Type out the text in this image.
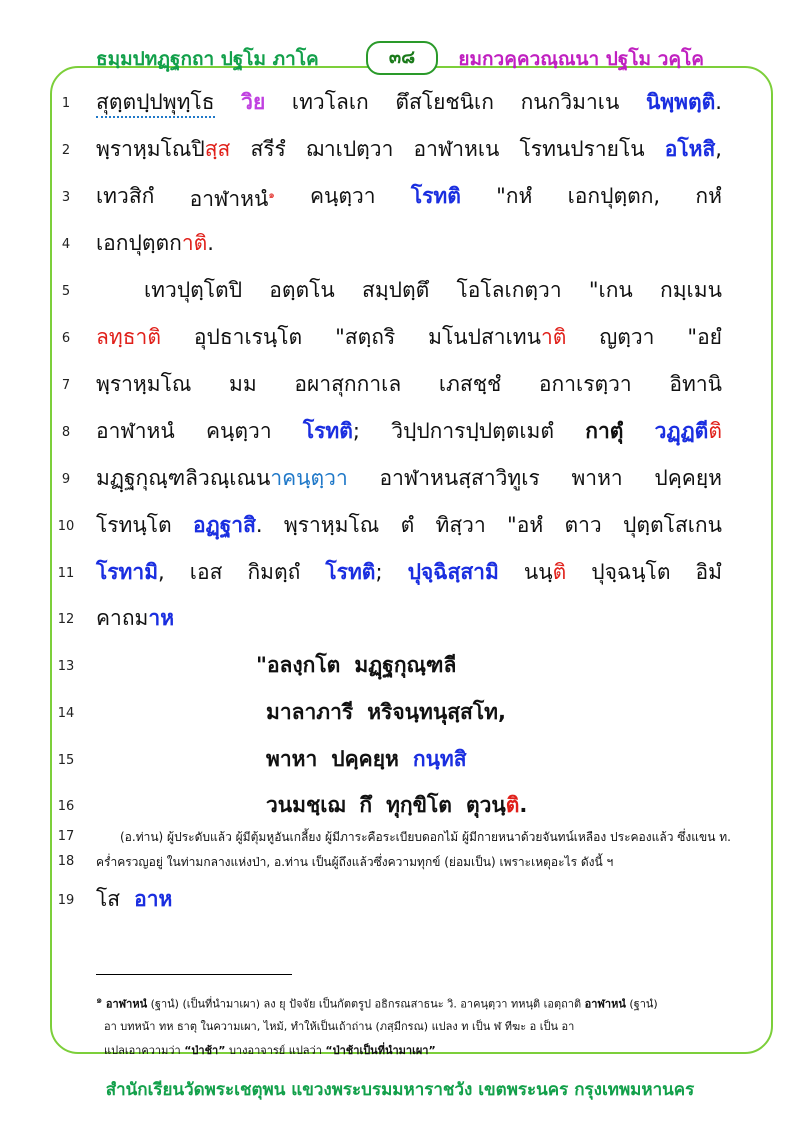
ธมฺมปทฏฺฐกถา ปฐโม ภาโค	๓๘	ยมกวคฺควณฺณนา ปฐโม วคฺโค
1
2
3
4
5
6
7
8
9
10
11
12
13
14
15
16
17
18
19
สุตฺตปฺปพุทฺโธ วิย เทวโลเก ตึสโยชนิเก กนกวิมาเน นิพฺพตฺติ.
พฺราหฺมโณปิสฺส สรีรํ ฌาเปตฺวา อาฬาหเน โรทนปรายโน อโหสิ,
เทวสิกํ อาฬาหนํ$^๑$ คนฺตฺวา โรทติ "กหํ เอกปุตฺตก, กหํ
เอกปุตฺตกาติ.
เทวปุตฺโตปิ อตฺตโน สมฺปตฺตึ โอโลเกตฺวา "เกน กมฺเมน
ลทฺธาติ อุปธาเรนฺโต "สตฺถริ มโนปสาเทนาติ ญตฺวา "อยํ
พฺราหฺมโณ มม อผาสุกกาเล เภสชฺชํ อกาเรตฺวา อิทานิ
อาฬาหนํ คนฺตฺวา โรทติ; วิปฺปการปฺปตฺตเมตํ กาตุํ วฏฺฏตีติ
มฏฺฐกุณฺฑลิวณฺเณนาคนฺตฺวา อาฬาหนสฺสาวิทูเร พาหา ปคฺคยฺห
โรทนฺโต อฏฺฐาสิ. พฺราหฺมโณ ตํ ทิสฺวา "อหํ ตาว ปุตฺตโสเกน
โรทามิ, เอส กิมตฺถํ โรทติ; ปุจฺฉิสฺสามิ นนฺติ ปุจฺฉนฺโต อิมํ
คาถมาห
"อลงฺกโต มฏฺฐกุณฺฑลี
มาลาภารี หริจนฺทนุสฺสโท,
พาหา ปคฺคยฺห กนฺทสิ
วนมชฺเฌ กึ ทุกฺขิโต ตุวนฺติ.
(อ.ท่าน) ผู้ประดับแล้ว ผู้มีตุ้มหูอันเกลี้ยง ผู้มีภาระคือระเบียบดอกไม้ ผู้มีกายหนาด้วยจันทน์เหลือง ประคองแล้ว ซึ่งแขน ท.
คร่ำครวญอยู่ ในท่ามกลางแห่งป่า, อ.ท่าน เป็นผู้ถึงแล้วซึ่งความทุกข์ (ย่อมเป็น) เพราะเหตุอะไร ดังนี้ ฯ
โส อาห
๑ อาฬาหนํ (ฐานํ) (เป็นที่นำมาเผา) ลง ยุ ปัจจัย เป็นกัตตรูป อธิกรณสาธนะ วิ. อาคนฺตฺวา ทหนฺติ เอตฺถาติ อาฬาหนํ (ฐานํ)
อา บทหน้า ทห ธาตุ ในความเผา, ไหม้, ทำให้เป็นเถ้าถ่าน (ภสฺมีกรณ) แปลง ท เป็น ฬ ทีฆะ อ เป็น อา
แปลเอาความว่า “ป่าช้า” บางอาจารย์ แปลว่า “ป่าช้าเป็นที่นำมาเผา”
สำนักเรียนวัดพระเชตุพน แขวงพระบรมมหาราชวัง เขตพระนคร กรุงเทพมหานคร
